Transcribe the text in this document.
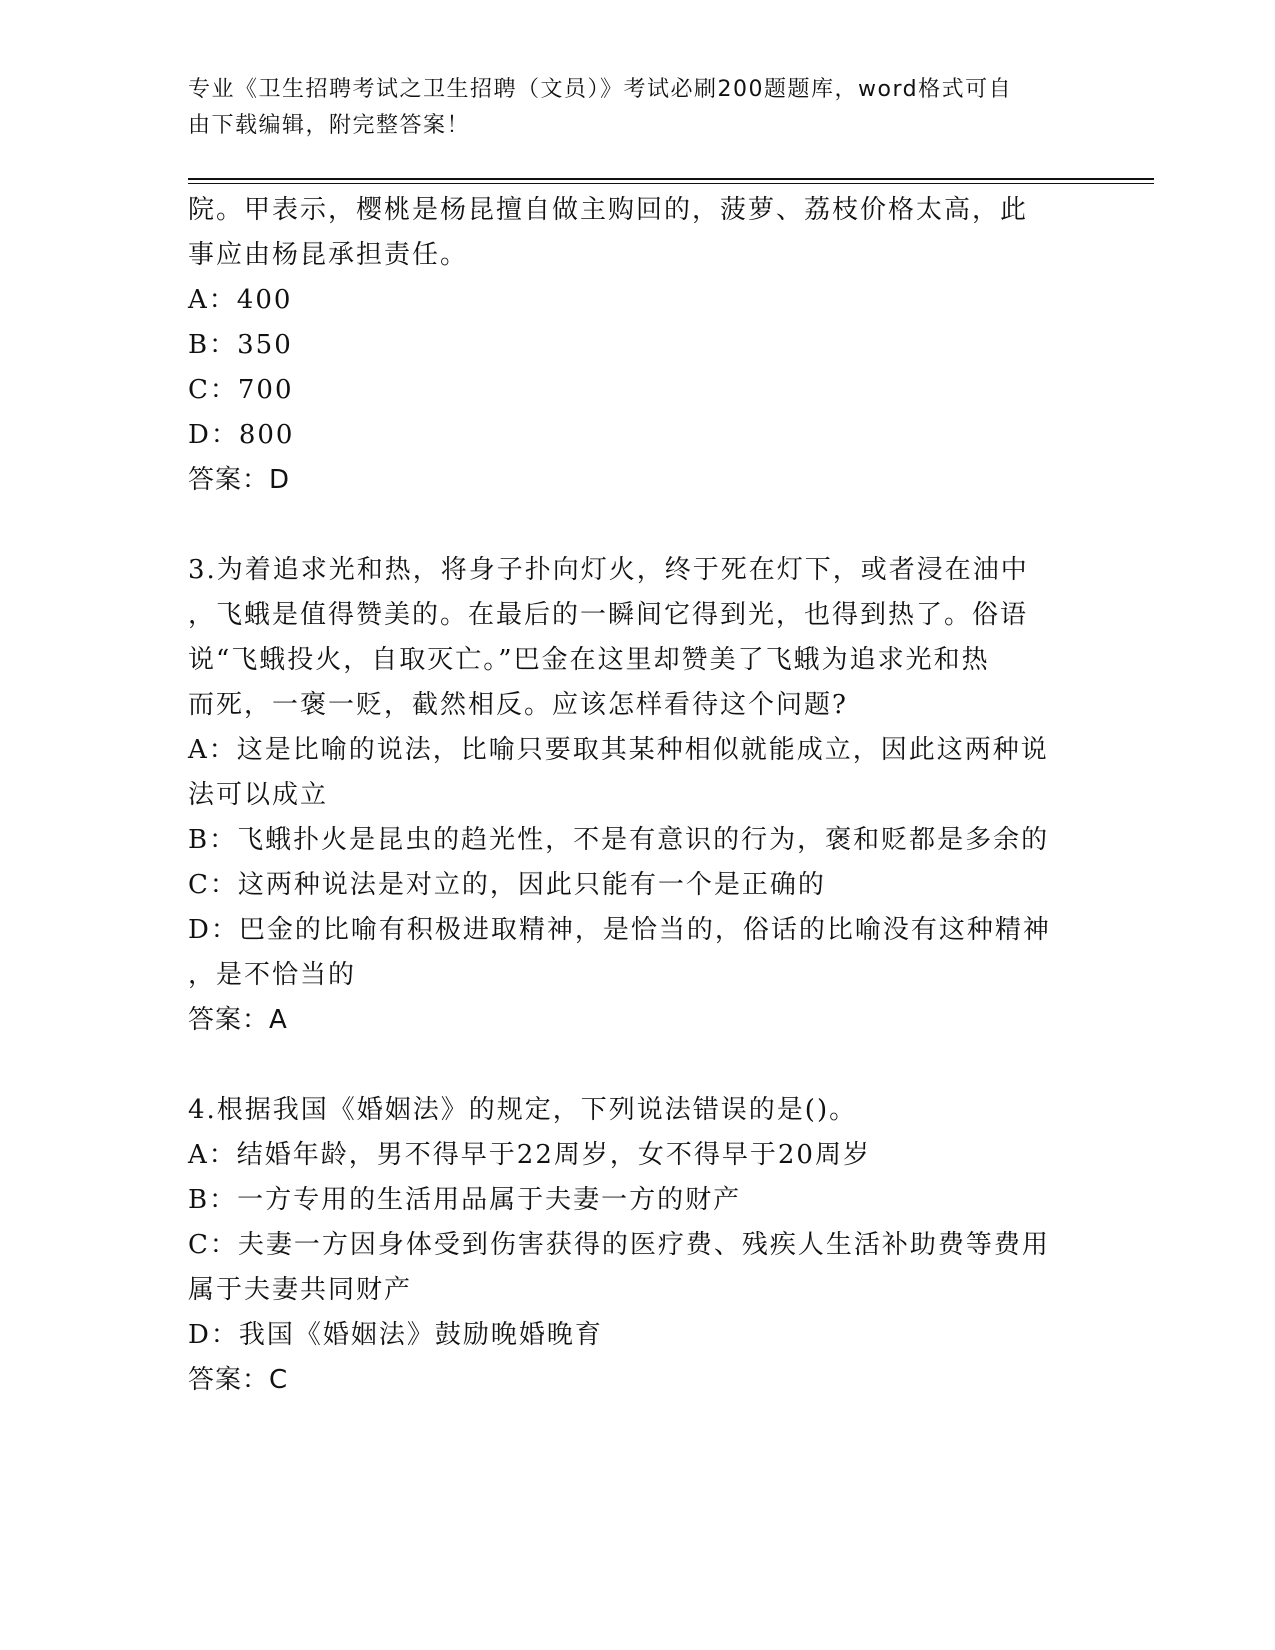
专业《卫生招聘考试之卫生招聘（文员）》考试必刷200题题库，word格式可自
由下载编辑，附完整答案！
院。甲表示，樱桃是杨昆擅自做主购回的，菠萝、荔枝价格太高，此
事应由杨昆承担责任。
A：400
B：350
C：700
D：800
答案：D
3.为着追求光和热，将身子扑向灯火，终于死在灯下，或者浸在油中
，飞蛾是值得赞美的。在最后的一瞬间它得到光，也得到热了。俗语
说“飞蛾投火，自取灭亡。”巴金在这里却赞美了飞蛾为追求光和热
而死，一褒一贬，截然相反。应该怎样看待这个问题?
A：这是比喻的说法，比喻只要取其某种相似就能成立，因此这两种说
法可以成立
B：飞蛾扑火是昆虫的趋光性，不是有意识的行为，褒和贬都是多余的
C：这两种说法是对立的，因此只能有一个是正确的
D：巴金的比喻有积极进取精神，是恰当的，俗话的比喻没有这种精神
，是不恰当的
答案：A
4.根据我国《婚姻法》的规定，下列说法错误的是()。
A：结婚年龄，男不得早于22周岁，女不得早于20周岁
B：一方专用的生活用品属于夫妻一方的财产
C：夫妻一方因身体受到伤害获得的医疗费、残疾人生活补助费等费用
属于夫妻共同财产
D：我国《婚姻法》鼓励晚婚晚育
答案：C
